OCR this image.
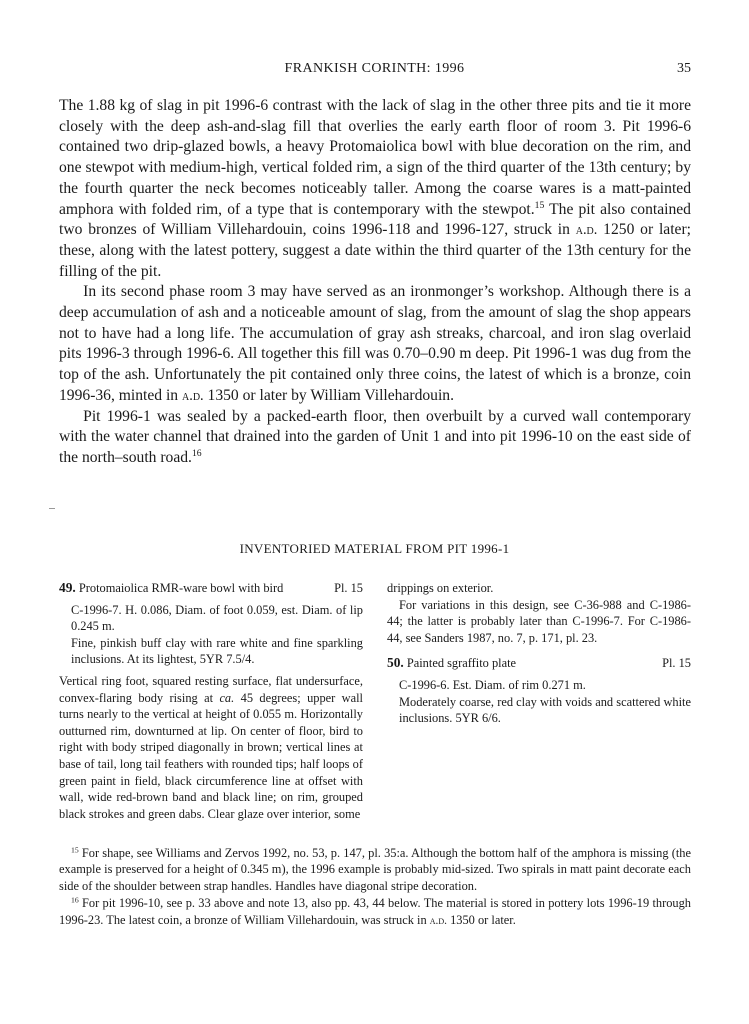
FRANKISH CORINTH: 1996	35

The 1.88 kg of slag in pit 1996-6 contrast with the lack of slag in the other three pits and tie it more closely with the deep ash-and-slag fill that overlies the early earth floor of room 3. Pit 1996-6 contained two drip-glazed bowls, a heavy Protomaiolica bowl with blue decoration on the rim, and one stewpot with medium-high, vertical folded rim, a sign of the third quarter of the 13th century; by the fourth quarter the neck becomes noticeably taller. Among the coarse wares is a matt-painted amphora with folded rim, of a type that is contemporary with the stewpot.$^{15}$ The pit also contained two bronzes of William Villehardouin, coins 1996-118 and 1996-127, struck in a.d. 1250 or later; these, along with the latest pottery, suggest a date within the third quarter of the 13th century for the filling of the pit.

In its second phase room 3 may have served as an ironmonger’s workshop. Although there is a deep accumulation of ash and a noticeable amount of slag, from the amount of slag the shop appears not to have had a long life. The accumulation of gray ash streaks, charcoal, and iron slag overlaid pits 1996-3 through 1996-6. All together this fill was 0.70–0.90 m deep. Pit 1996-1 was dug from the top of the ash. Unfortunately the pit contained only three coins, the latest of which is a bronze, coin 1996-36, minted in a.d. 1350 or later by William Villehardouin.

Pit 1996-1 was sealed by a packed-earth floor, then overbuilt by a curved wall contemporary with the water channel that drained into the garden of Unit 1 and into pit 1996-10 on the east side of the north–south road.$^{16}$

INVENTORIED MATERIAL FROM PIT 1996-1
49. Protomaiolica RMR-ware bowl with bird	Pl. 15

C-1996-7. H. 0.086, Diam. of foot 0.059, est. Diam. of lip 0.245 m.

Fine, pinkish buff clay with rare white and fine sparkling inclusions. At its lightest, 5YR 7.5/4.

Vertical ring foot, squared resting surface, flat undersurface, convex-flaring body rising at ca. 45 degrees; upper wall turns nearly to the vertical at height of 0.055 m. Horizontally outturned rim, downturned at lip. On center of floor, bird to right with body striped diagonally in brown; vertical lines at base of tail, long tail feathers with rounded tips; half loops of green paint in field, black circumference line at offset with wall, wide red-brown band and black line; on rim, grouped black strokes and green dabs. Clear glaze over interior, some

drippings on exterior.

For variations in this design, see C-36-988 and C-1986-44; the latter is probably later than C-1996-7. For C-1986-44, see Sanders 1987, no. 7, p. 171, pl. 23.

50. Painted sgraffito plate	Pl. 15

C-1996-6. Est. Diam. of rim 0.271 m.

Moderately coarse, red clay with voids and scattered white inclusions. 5YR 6/6.

$^{15}$ For shape, see Williams and Zervos 1992, no. 53, p. 147, pl. 35:a. Although the bottom half of the amphora is missing (the example is preserved for a height of 0.345 m), the 1996 example is probably mid-sized. Two spirals in matt paint decorate each side of the shoulder between strap handles. Handles have diagonal stripe decoration.

$^{16}$ For pit 1996-10, see p. 33 above and note 13, also pp. 43, 44 below. The material is stored in pottery lots 1996-19 through 1996-23. The latest coin, a bronze of William Villehardouin, was struck in a.d. 1350 or later.
